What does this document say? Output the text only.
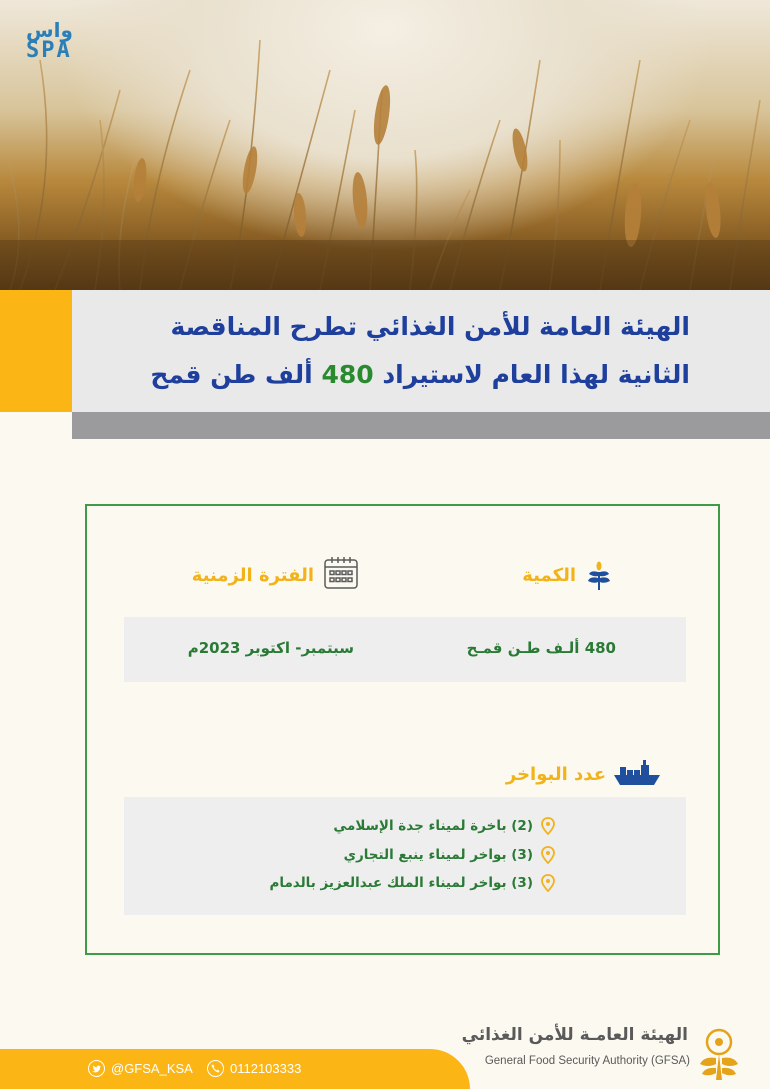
واس
SPA
الهيئة العامة للأمن الغذائي تطرح المناقصة
الثانية لهذا العام لاستيراد 480 ألف طن قمح
الكمية
الفترة الزمنية
480 ألـف طـن قمـح
سبتمبر- اكتوبر 2023م
عدد البواخر
(2) باخرة لميناء جدة الإسلامي
(3) بواخر لميناء ينبع التجاري
(3) بواخر لميناء الملك عبدالعزيز بالدمام
@GFSA_KSA	0112103333
الهيئة العامـة للأمن الغذائي
General Food Security Authority (GFSA)
